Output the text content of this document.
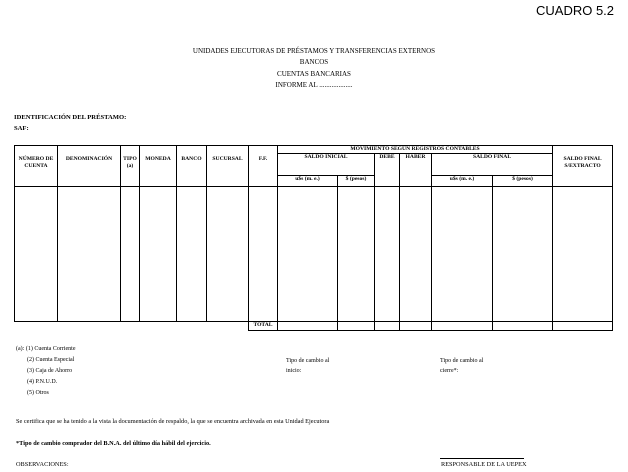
CUADRO 5.2
UNIDADES EJECUTORAS DE PRÉSTAMOS Y TRANSFERENCIAS EXTERNOS
BANCOS
CUENTAS BANCARIAS
INFORME AL ...................
IDENTIFICACIÓN DEL PRÉSTAMO:
SAF:
NÚMERO DE CUENTA	DENOMINACIÓN	TIPO (a)	MONEDA	BANCO	SUCURSAL	F.F.	MOVIMIENTO SEGÚN REGISTROS CONTABLES						SALDO FINAL S/EXTRACTO
							SALDO INICIAL		DEBE	HABER	SALDO FINAL		
							u$s (m. e.)	$ (pesos)			u$s (m. e.)	$ (pesos)	

						TOTAL							
(a): (1) Cuenta Corriente
(2) Cuenta Especial
(3) Caja de Ahorro
(4) P.N.U.D.
(5) Otros
Tipo de cambio al
inicio:
Tipo de cambio al
cierre*:
Se certifica que se ha tenido a la vista la documentación de respaldo, la que se encuentra archivada en esta Unidad Ejecutora
*Tipo de cambio comprador del B.N.A. del último día hábil del ejercicio.
OBSERVACIONES:	RESPONSABLE DE LA UEPEX
